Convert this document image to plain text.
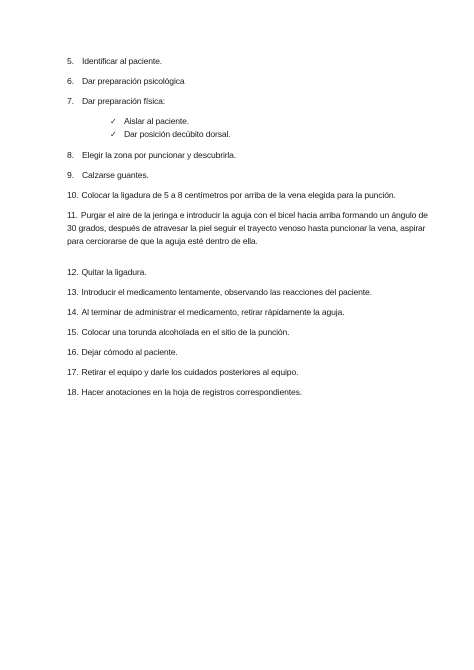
5. Identificar al paciente.
6. Dar preparación psicológica
7. Dar preparación física:
✓ Aislar al paciente.
✓ Dar posición decúbito dorsal.
8. Elegir la zona por puncionar y descubrirla.
9. Calzarse guantes.
10. Colocar la ligadura de 5 a 8 centímetros por arriba de la vena elegida para la punción.
11. Purgar el aire de la jeringa e introducir la aguja con el bicel hacia arriba formando un ángulo de 30 grados, después de atravesar la piel seguir el trayecto venoso hasta puncionar la vena, aspirar para cerciorarse de que la aguja esté dentro de ella.
12. Quitar la ligadura.
13. Introducir el medicamento lentamente, observando las reacciones del paciente.
14. Al terminar de administrar el medicamento, retirar rápidamente la aguja.
15. Colocar una torunda alcoholada en el sitio de la punción.
16. Dejar cómodo al paciente.
17. Retirar el equipo y darle los cuidados posteriores al equipo.
18. Hacer anotaciones en la hoja de registros correspondientes.
